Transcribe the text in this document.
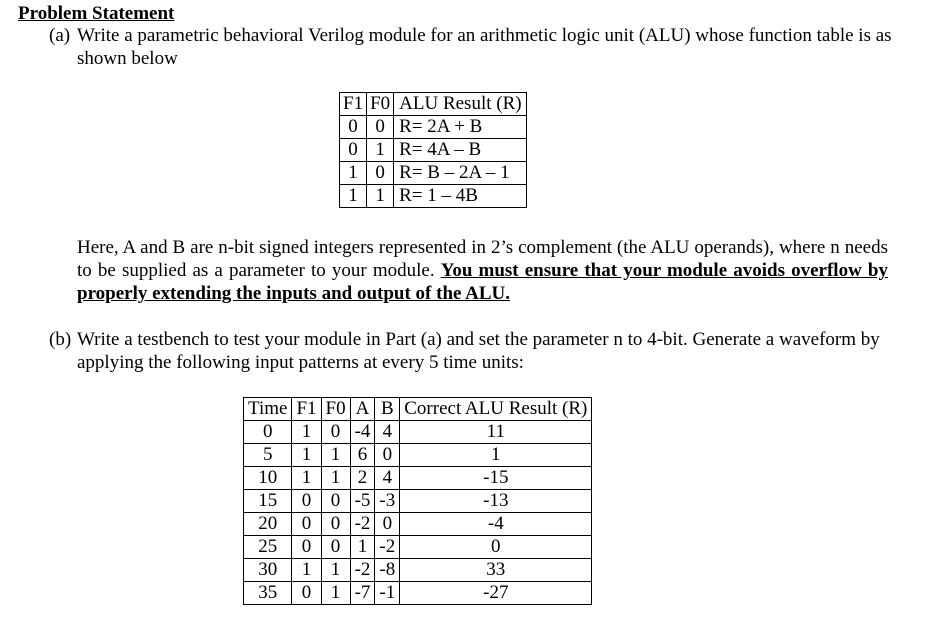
Problem Statement

(a) Write a parametric behavioral Verilog module for an arithmetic logic unit (ALU) whose function table is as shown below

F1	F0	ALU Result (R)
0	0	R= 2A + B
0	1	R= 4A – B
1	0	R= B – 2A – 1
1	1	R= 1 – 4B

Here, A and B are n-bit signed integers represented in 2’s complement (the ALU operands), where n needs to be supplied as a parameter to your module. You must ensure that your module avoids overflow by properly extending the inputs and output of the ALU.

(b) Write a testbench to test your module in Part (a) and set the parameter n to 4-bit. Generate a waveform by applying the following input patterns at every 5 time units:

Time	F1	F0	A	B	Correct ALU Result (R)
0	1	0	-4	4	11
5	1	1	6	0	1
10	1	1	2	4	-15
15	0	0	-5	-3	-13
20	0	0	-2	0	-4
25	0	0	1	-2	0
30	1	1	-2	-8	33
35	0	1	-7	-1	-27
